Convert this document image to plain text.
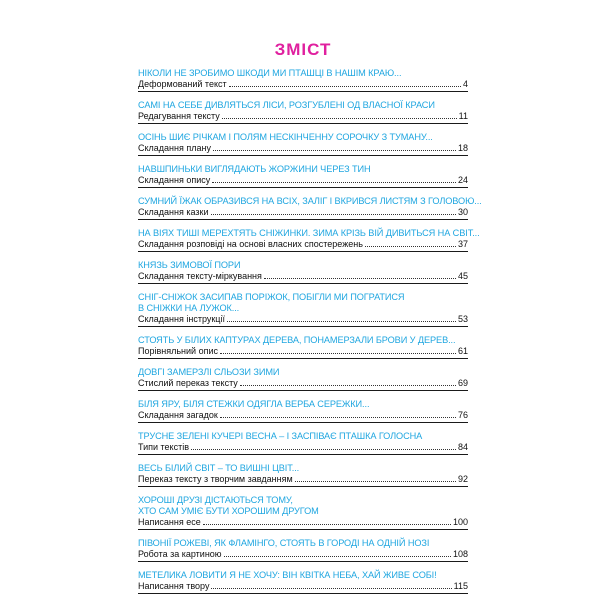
ЗМІСТ
НІКОЛИ НЕ ЗРОБИМО ШКОДИ МИ ПТАШЦІ В НАШІМ КРАЮ...
Деформований текст	4
САМІ НА СЕБЕ ДИВЛЯТЬСЯ ЛІСИ, РОЗГУБЛЕНІ ОД ВЛАСНОЇ КРАСИ
Редагування тексту	11
ОСІНЬ ШИЄ РІЧКАМ І ПОЛЯМ НЕСКІНЧЕННУ СОРОЧКУ З ТУМАНУ...
Складання плану	18
НАВШПИНЬКИ ВИГЛЯДАЮТЬ ЖОРЖИНИ ЧЕРЕЗ ТИН
Складання опису	24
СУМНИЙ ЇЖАК ОБРАЗИВСЯ НА ВСІХ, ЗАЛІГ І ВКРИВСЯ ЛИСТЯМ З ГОЛОВОЮ...
Складання казки	30
НА ВІЯХ ТИШІ МЕРЕХТЯТЬ СНІЖИНКИ. ЗИМА КРІЗЬ ВІЙ ДИВИТЬСЯ НА СВІТ...
Складання розповіді на основі власних спостережень	37
КНЯЗЬ ЗИМОВОЇ ПОРИ
Складання тексту-міркування	45
СНІГ-СНІЖОК ЗАСИПАВ ПОРІЖОК, ПОБІГЛИ МИ ПОГРАТИСЯ
В СНІЖКИ НА ЛУЖОК...
Складання інструкції	53
СТОЯТЬ У БІЛИХ КАПТУРАХ ДЕРЕВА, ПОНАМЕРЗАЛИ БРОВИ У ДЕРЕВ...
Порівняльний опис	61
ДОВГІ ЗАМЕРЗЛІ СЛЬОЗИ ЗИМИ
Стислий переказ тексту	69
БІЛЯ ЯРУ, БІЛЯ СТЕЖКИ ОДЯГЛА ВЕРБА СЕРЕЖКИ...
Складання загадок	76
ТРУСНЕ ЗЕЛЕНІ КУЧЕРІ ВЕСНА – І ЗАСПІВАЄ ПТАШКА ГОЛОСНА
Типи текстів	84
ВЕСЬ БІЛИЙ СВІТ – ТО ВИШНІ ЦВІТ...
Переказ тексту з творчим завданням	92
ХОРОШІ ДРУЗІ ДІСТАЮТЬСЯ ТОМУ,
ХТО САМ УМІЄ БУТИ ХОРОШИМ ДРУГОМ
Написання есе	100
ПІВОНІЇ РОЖЕВІ, ЯК ФЛАМІНГО, СТОЯТЬ В ГОРОДІ НА ОДНІЙ НОЗІ
Робота за картиною	108
МЕТЕЛИКА ЛОВИТИ Я НЕ ХОЧУ: ВІН КВІТКА НЕБА, ХАЙ ЖИВЕ СОБІ!
Написання твору	115
